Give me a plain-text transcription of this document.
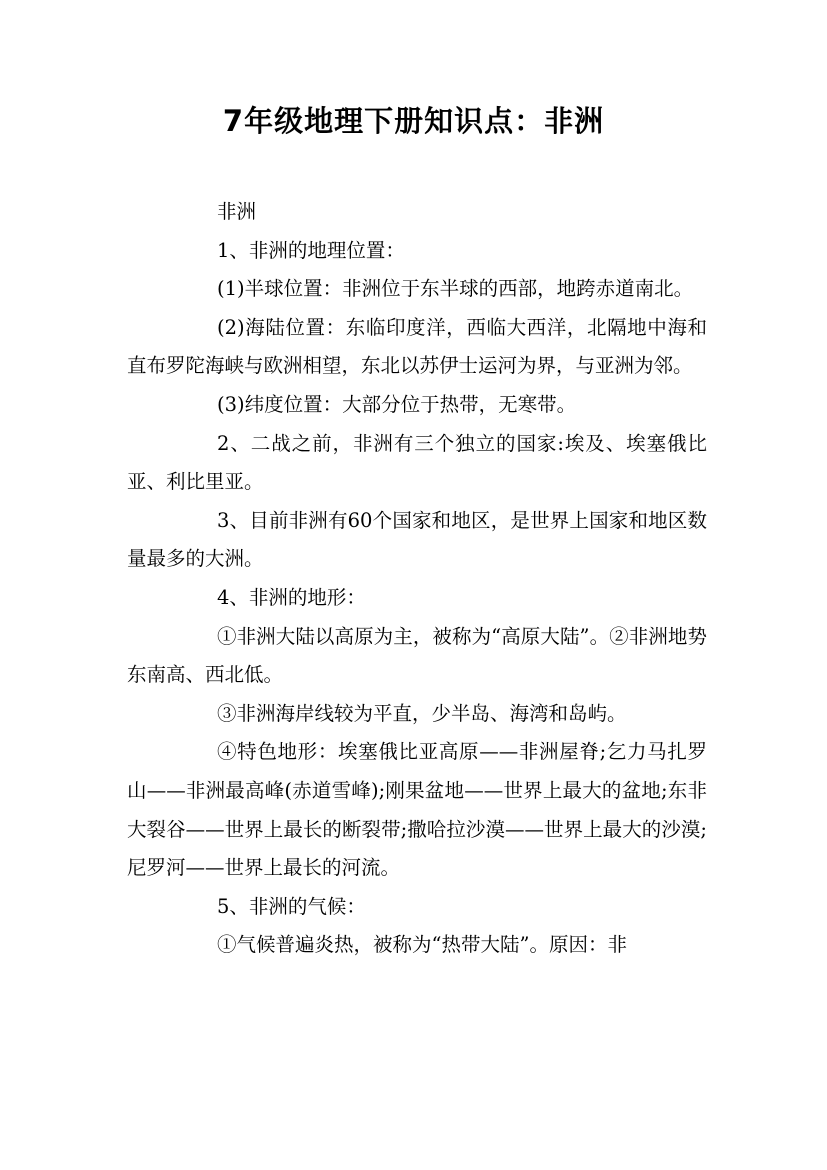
7年级地理下册知识点：非洲

非洲

1、非洲的地理位置：

(1)半球位置：非洲位于东半球的西部，地跨赤道南北。

(2)海陆位置：东临印度洋，西临大西洋，北隔地中海和直布罗陀海峡与欧洲相望，东北以苏伊士运河为界，与亚洲为邻。

(3)纬度位置：大部分位于热带，无寒带。

2、二战之前，非洲有三个独立的国家:埃及、埃塞俄比亚、利比里亚。

3、目前非洲有60个国家和地区，是世界上国家和地区数量最多的大洲。

4、非洲的地形：

①非洲大陆以高原为主，被称为“高原大陆”。②非洲地势东南高、西北低。

③非洲海岸线较为平直，少半岛、海湾和岛屿。

④特色地形：埃塞俄比亚高原——非洲屋脊;乞力马扎罗山——非洲最高峰(赤道雪峰);刚果盆地——世界上最大的盆地;东非大裂谷——世界上最长的断裂带;撒哈拉沙漠——世界上最大的沙漠;尼罗河——世界上最长的河流。

5、非洲的气候：

①气候普遍炎热，被称为“热带大陆”。原因：非
